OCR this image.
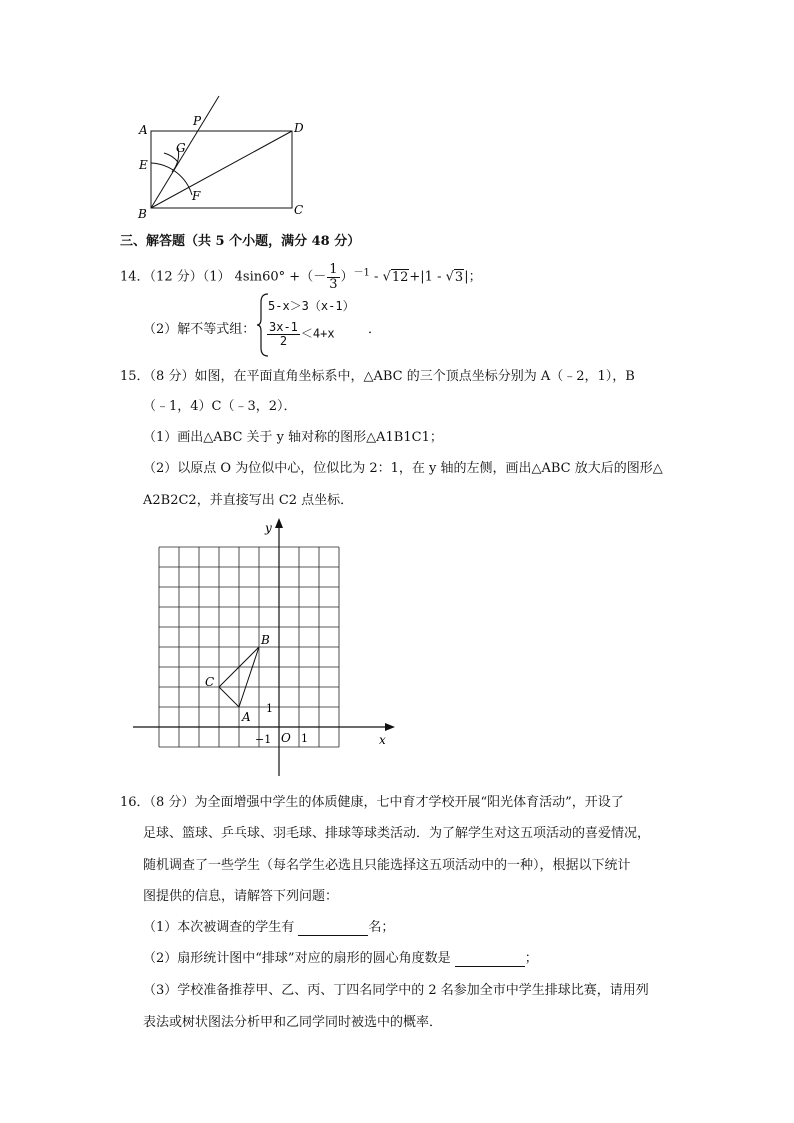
A
P	D
G
E
F
B	C
三、解答题（共 5 个小题，满分 48 分）
14．（12 分）（1） 4sin60° +（－ $\frac{1}{3} )^{-1} - √12+|1 - √3|$；
（2）解不等式组：
5-x＞3（x-1）
$\frac{3x-1}{2} <4+x$	．
15．（8 分）如图，在平面直角坐标系中，△ABC 的三个顶点坐标分别为 A（﹣2，1），B
（﹣1，4）C（﹣3，2）．
（1）画出△ABC 关于 y 轴对称的图形△A1B1C1；
（2）以原点 O 为位似中心，位似比为 2：1，在 y 轴的左侧，画出△ABC 放大后的图形△
A2B2C2，并直接写出 C2 点坐标．
y
x
O
1
−1	1
A
B
C
16．（8 分）为全面增强中学生的体质健康，七中育才学校开展“阳光体育活动”，开设了
足球、篮球、乒乓球、羽毛球、排球等球类活动．为了解学生对这五项活动的喜爱情况，
随机调查了一些学生（每名学生必选且只能选择这五项活动中的一种），根据以下统计
图提供的信息，请解答下列问题：
（1）本次被调查的学生有	名；
（2）扇形统计图中“排球”对应的扇形的圆心角度数是	；
（3）学校准备推荐甲、乙、丙、丁四名同学中的 2 名参加全市中学生排球比赛，请用列
表法或树状图法分析甲和乙同学同时被选中的概率．
